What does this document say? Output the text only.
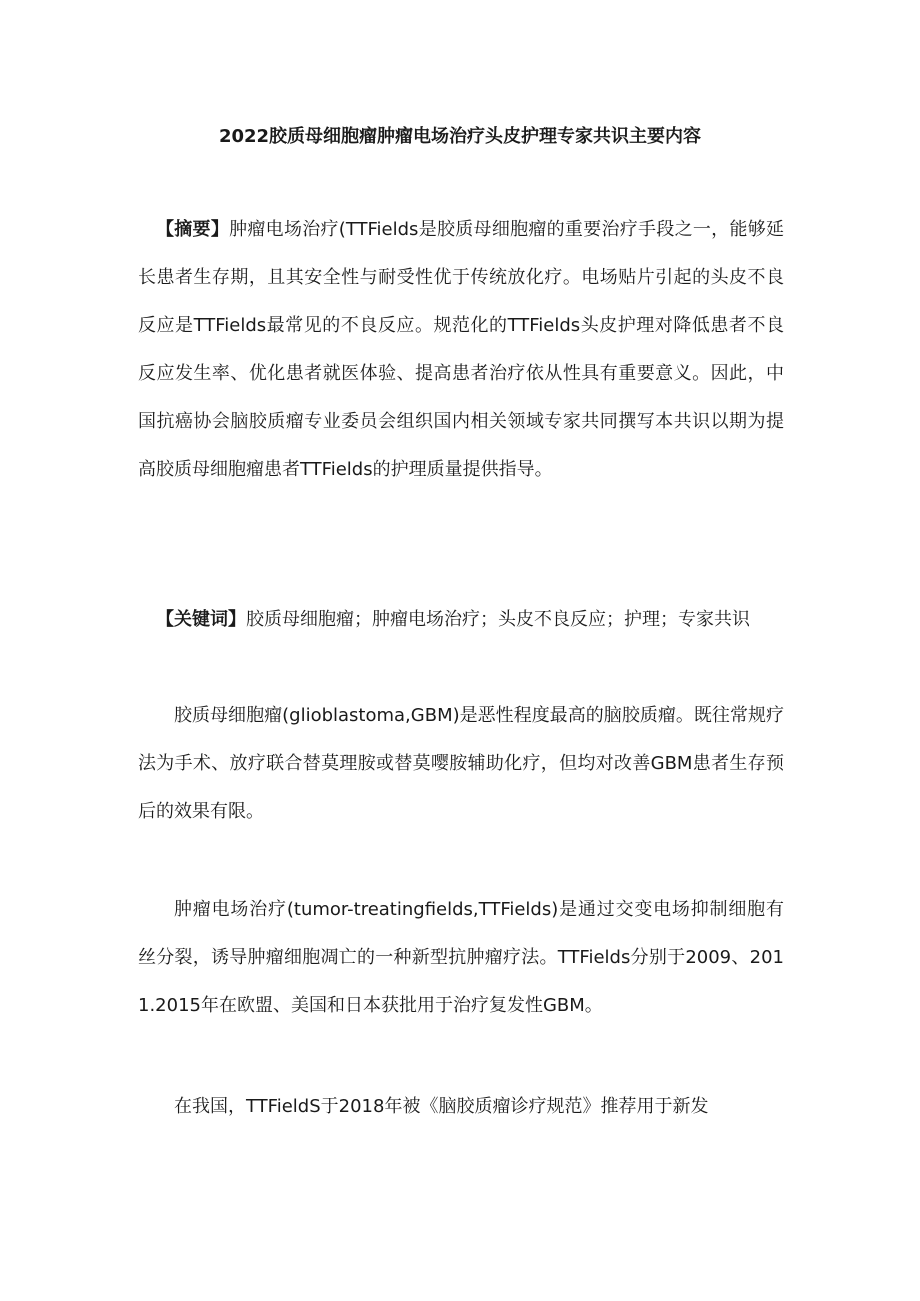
2022胶质母细胞瘤肿瘤电场治疗头皮护理专家共识主要内容

【摘要】肿瘤电场治疗(TTFields是胶质母细胞瘤的重要治疗手段之一，能够延长患者生存期，且其安全性与耐受性优于传统放化疗。电场贴片引起的头皮不良反应是TTFields最常见的不良反应。规范化的TTFields头皮护理对降低患者不良反应发生率、优化患者就医体验、提高患者治疗依从性具有重要意义。因此，中国抗癌协会脑胶质瘤专业委员会组织国内相关领域专家共同撰写本共识以期为提高胶质母细胞瘤患者TTFields的护理质量提供指导。

【关键词】胶质母细胞瘤；肿瘤电场治疗；头皮不良反应；护理；专家共识

胶质母细胞瘤(glioblastoma,GBM)是恶性程度最高的脑胶质瘤。既往常规疗法为手术、放疗联合替莫理胺或替莫嘤胺辅助化疗，但均对改善GBM患者生存预后的效果有限。

肿瘤电场治疗(tumor-treatingfields,TTFields)是通过交变电场抑制细胞有丝分裂，诱导肿瘤细胞凋亡的一种新型抗肿瘤疗法。TTFields分别于2009、2011.2015年在欧盟、美国和日本获批用于治疗复发性GBM。

在我国，TTFieldS于2018年被《脑胶质瘤诊疗规范》推荐用于新发
